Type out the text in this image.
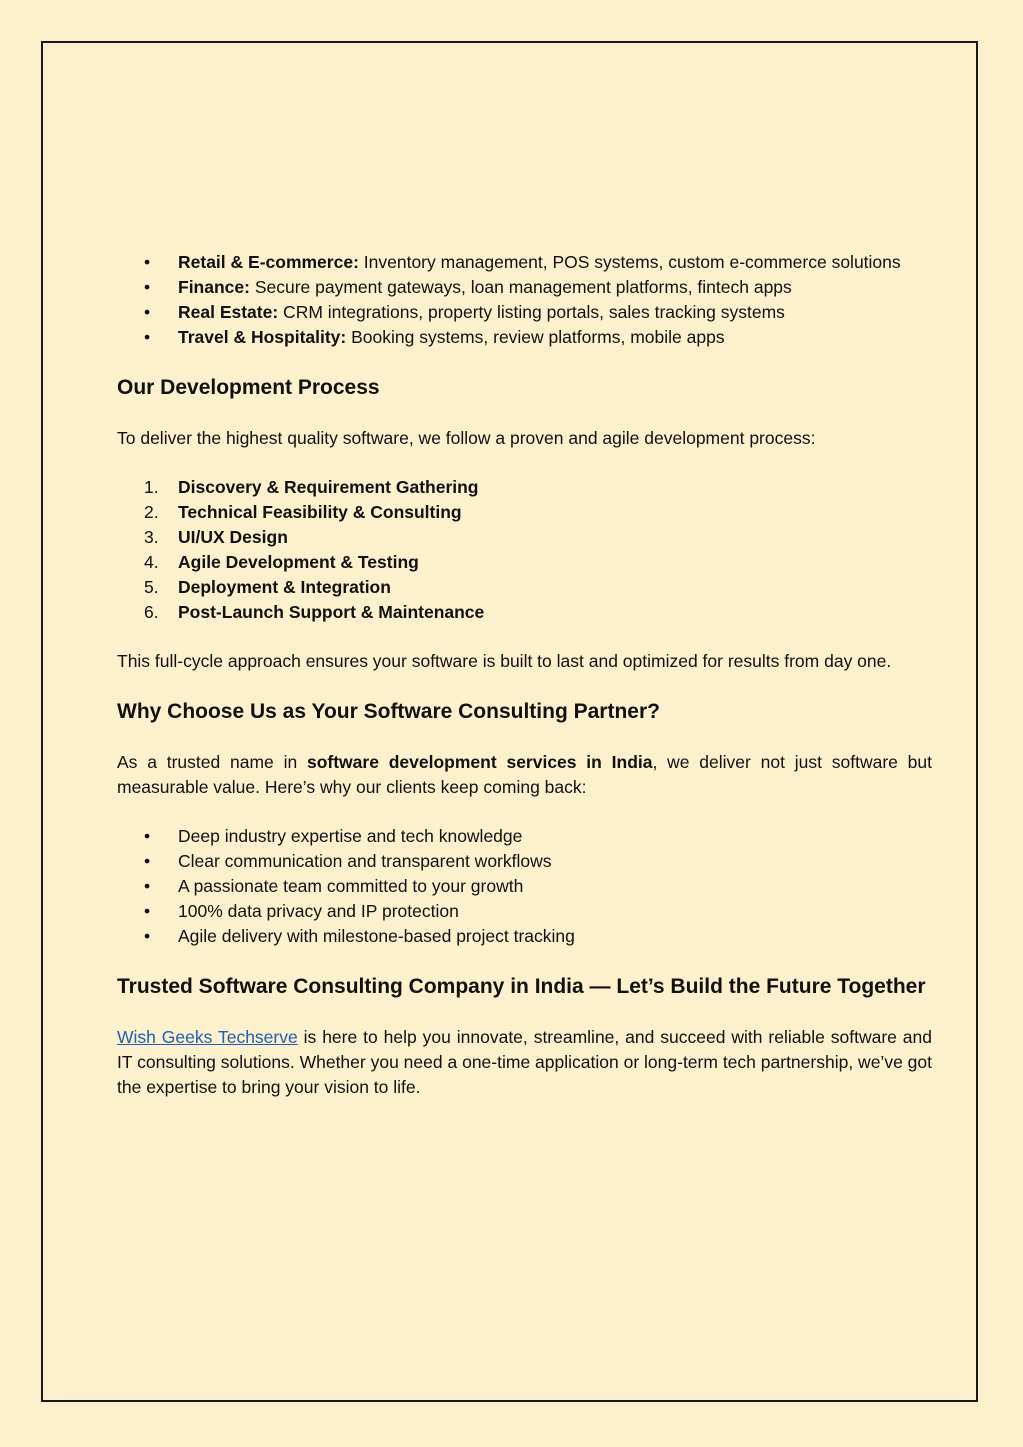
• Retail & E-commerce: Inventory management, POS systems, custom e-commerce solutions
• Finance: Secure payment gateways, loan management platforms, fintech apps
• Real Estate: CRM integrations, property listing portals, sales tracking systems
• Travel & Hospitality: Booking systems, review platforms, mobile apps
Our Development Process

To deliver the highest quality software, we follow a proven and agile development process:

1.	Discovery & Requirement Gathering
2.	Technical Feasibility & Consulting
3.	UI/UX Design
4.	Agile Development & Testing
5.	Deployment & Integration
6.	Post-Launch Support & Maintenance

This full-cycle approach ensures your software is built to last and optimized for results from day one.

Why Choose Us as Your Software Consulting Partner?

As a trusted name in software development services in India, we deliver not just software but measurable value. Here’s why our clients keep coming back:

• Deep industry expertise and tech knowledge
• Clear communication and transparent workflows
• A passionate team committed to your growth
• 100% data privacy and IP protection
• Agile delivery with milestone-based project tracking
Trusted Software Consulting Company in India — Let’s Build the Future Together

Wish Geeks Techserve is here to help you innovate, streamline, and succeed with reliable software and IT consulting solutions. Whether you need a one-time application or long-term tech partnership, we’ve got the expertise to bring your vision to life.
